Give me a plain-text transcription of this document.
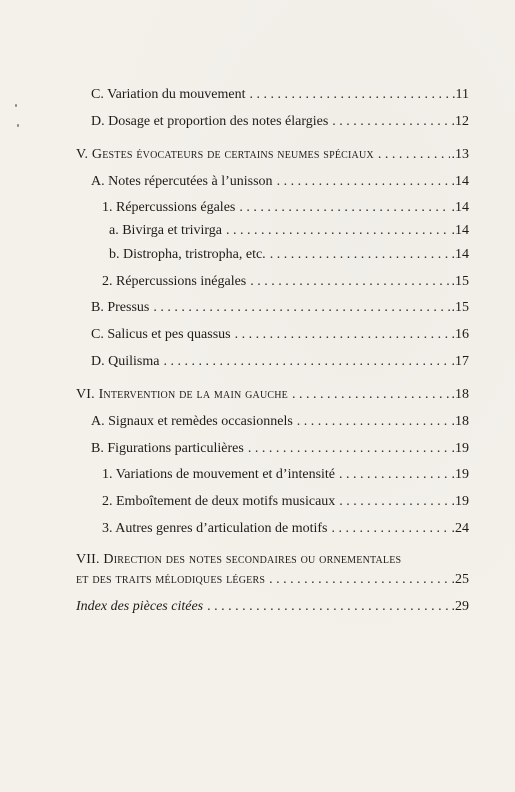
C. Variation du mouvement . . .	.11
D. Dosage et proportion des notes élargies . . .	.12
V. Gestes évocateurs de certains neumes spéciaux . . .	.13
A. Notes répercutées à l’unisson . . .	.14
1. Répercussions égales . . .	.14
a. Bivirga et trivirga . . .	.14
b. Distropha, tristropha, etc. . . .	.14
2. Répercussions inégales . . .	.15
B. Pressus . . .	.15
C. Salicus et pes quassus . . .	.16
D. Quilisma . . .	.17
VI. Intervention de la main gauche . . .	.18
A. Signaux et remèdes occasionnels . . .	.18
B. Figurations particulières . . .	.19
1. Variations de mouvement et d’intensité . . .	.19
2. Emboîtement de deux motifs musicaux . . .	.19
3. Autres genres d’articulation de motifs . . .	.24
VII. Direction des notes secondaires ou ornementales
et des traits mélodiques légers . . .	.25
Index des pièces citées . . .	.29
